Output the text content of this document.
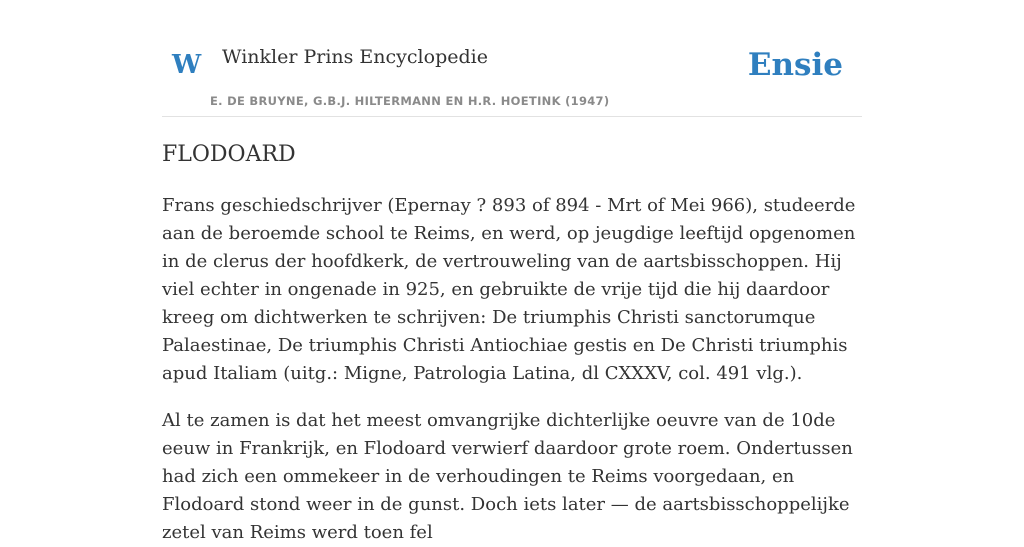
W Winkler Prins Encyclopedie
E. DE BRUYNE, G.B.J. HILTERMANN EN H.R. HOETINK (1947)
Ensie
FLODOARD

Frans geschiedschrijver (Epernay ? 893 of 894 - Mrt of Mei 966), studeerde aan de beroemde school te Reims, en werd, op jeugdige leeftijd opgenomen in de clerus der hoofdkerk, de vertrouweling van de aartsbisschoppen. Hij viel echter in ongenade in 925, en gebruikte de vrije tijd die hij daardoor kreeg om dichtwerken te schrijven: De triumphis Christi sanctorumque Palaestinae, De triumphis Christi Antiochiae gestis en De Christi triumphis apud Italiam (uitg.: Migne, Patrologia Latina, dl CXXXV, col. 491 vlg.).

Al te zamen is dat het meest omvangrijke dichterlijke oeuvre van de 10de eeuw in Frankrijk, en Flodoard verwierf daardoor grote roem. Ondertussen had zich een ommekeer in de verhoudingen te Reims voorgedaan, en Flodoard stond weer in de gunst. Doch iets later — de aartsbisschoppelijke zetel van Reims werd toen fel
